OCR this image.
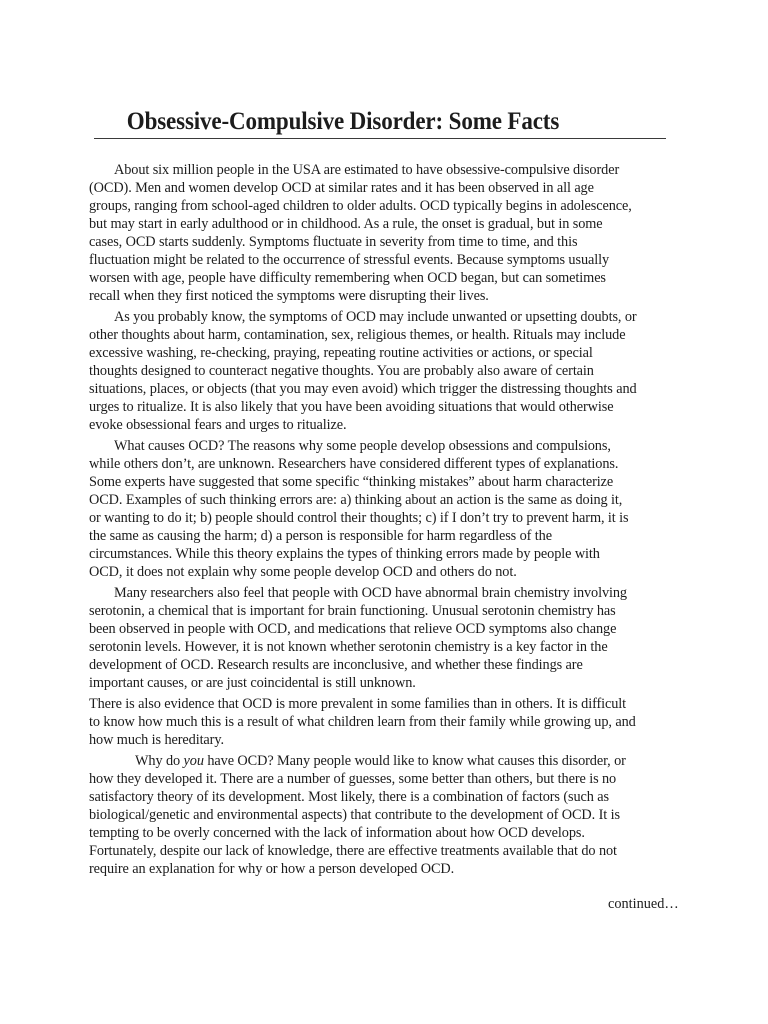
Obsessive-Compulsive Disorder: Some Facts
About six million people in the USA are estimated to have obsessive-compulsive disorder
(OCD). Men and women develop OCD at similar rates and it has been observed in all age
groups, ranging from school-aged children to older adults. OCD typically begins in adolescence,
but may start in early adulthood or in childhood. As a rule, the onset is gradual, but in some
cases, OCD starts suddenly. Symptoms fluctuate in severity from time to time, and this
fluctuation might be related to the occurrence of stressful events. Because symptoms usually
worsen with age, people have difficulty remembering when OCD began, but can sometimes
recall when they first noticed the symptoms were disrupting their lives.
As you probably know, the symptoms of OCD may include unwanted or upsetting doubts, or
other thoughts about harm, contamination, sex, religious themes, or health. Rituals may include
excessive washing, re-checking, praying, repeating routine activities or actions, or special
thoughts designed to counteract negative thoughts. You are probably also aware of certain
situations, places, or objects (that you may even avoid) which trigger the distressing thoughts and
urges to ritualize. It is also likely that you have been avoiding situations that would otherwise
evoke obsessional fears and urges to ritualize.
What causes OCD? The reasons why some people develop obsessions and compulsions,
while others don’t, are unknown. Researchers have considered different types of explanations.
Some experts have suggested that some specific “thinking mistakes” about harm characterize
OCD. Examples of such thinking errors are: a) thinking about an action is the same as doing it,
or wanting to do it; b) people should control their thoughts; c) if I don’t try to prevent harm, it is
the same as causing the harm; d) a person is responsible for harm regardless of the
circumstances. While this theory explains the types of thinking errors made by people with
OCD, it does not explain why some people develop OCD and others do not.
Many researchers also feel that people with OCD have abnormal brain chemistry involving
serotonin, a chemical that is important for brain functioning. Unusual serotonin chemistry has
been observed in people with OCD, and medications that relieve OCD symptoms also change
serotonin levels. However, it is not known whether serotonin chemistry is a key factor in the
development of OCD. Research results are inconclusive, and whether these findings are
important causes, or are just coincidental is still unknown.
There is also evidence that OCD is more prevalent in some families than in others. It is difficult
to know how much this is a result of what children learn from their family while growing up, and
how much is hereditary.
Why do you have OCD? Many people would like to know what causes this disorder, or
how they developed it. There are a number of guesses, some better than others, but there is no
satisfactory theory of its development. Most likely, there is a combination of factors (such as
biological/genetic and environmental aspects) that contribute to the development of OCD. It is
tempting to be overly concerned with the lack of information about how OCD develops.
Fortunately, despite our lack of knowledge, there are effective treatments available that do not
require an explanation for why or how a person developed OCD.
continued…
